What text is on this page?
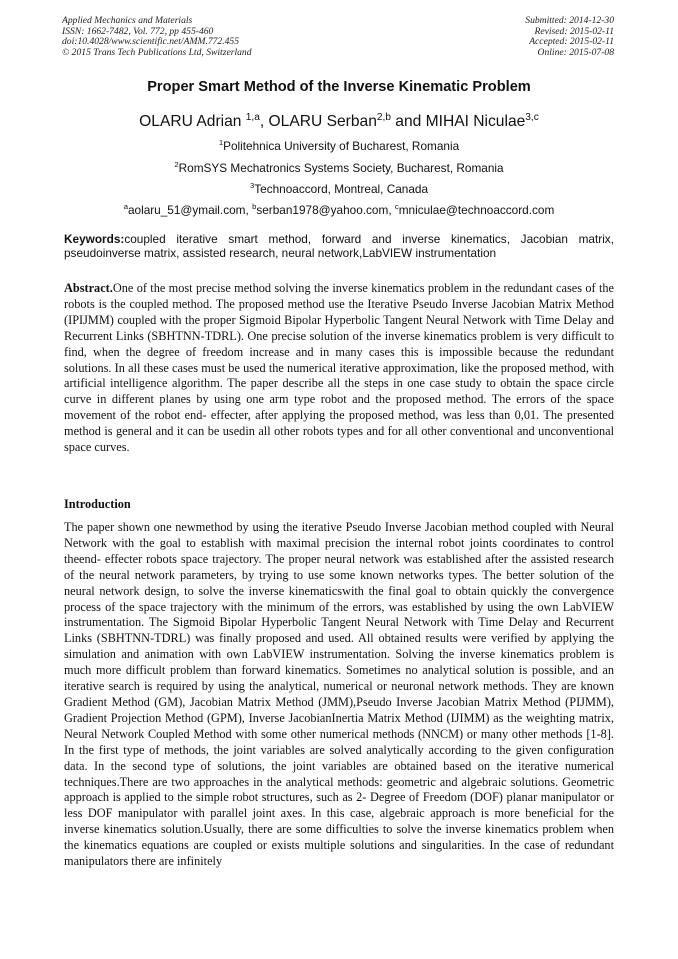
Applied Mechanics and Materials
ISSN: 1662-7482, Vol. 772, pp 455-460
doi:10.4028/www.scientific.net/AMM.772.455
© 2015 Trans Tech Publications Ltd, Switzerland
Submitted: 2014-12-30
Revised: 2015-02-11
Accepted: 2015-02-11
Online: 2015-07-08
Proper Smart Method of the Inverse Kinematic Problem
OLARU Adrian $^{1,a}$, OLARU Serban$^{2,b}$ and MIHAI Niculae$^{3,c}$
$^1$Politehnica University of Bucharest, Romania
$^2$RomSYS Mechatronics Systems Society, Bucharest, Romania
$^3$Technoaccord, Montreal, Canada
$^a$aolaru_51@ymail.com, $^b$serban1978@yahoo.com, $^c$mniculae@technoaccord.com
Keywords:coupled iterative smart method, forward and inverse kinematics, Jacobian matrix, pseudoinverse matrix, assisted research, neural network,LabVIEW instrumentation
Abstract.One of the most precise method solving the inverse kinematics problem in the redundant cases of the robots is the coupled method. The proposed method use the Iterative Pseudo Inverse Jacobian Matrix Method (IPIJMM) coupled with the proper Sigmoid Bipolar Hyperbolic Tangent Neural Network with Time Delay and Recurrent Links (SBHTNN-TDRL). One precise solution of the inverse kinematics problem is very difficult to find, when the degree of freedom increase and in many cases this is impossible because the redundant solutions. In all these cases must be used the numerical iterative approximation, like the proposed method, with artificial intelligence algorithm. The paper describe all the steps in one case study to obtain the space circle curve in different planes by using one arm type robot and the proposed method. The errors of the space movement of the robot end- effecter, after applying the proposed method, was less than 0,01. The presented method is general and it can be usedin all other robots types and for all other conventional and unconventional space curves.
Introduction
The paper shown one newmethod by using the iterative Pseudo Inverse Jacobian method coupled with Neural Network with the goal to establish with maximal precision the internal robot joints coordinates to control theend- effecter robots space trajectory. The proper neural network was established after the assisted research of the neural network parameters, by trying to use some known networks types. The better solution of the neural network design, to solve the inverse kinematicswith the final goal to obtain quickly the convergence process of the space trajectory with the minimum of the errors, was established by using the own LabVIEW instrumentation. The Sigmoid Bipolar Hyperbolic Tangent Neural Network with Time Delay and Recurrent Links (SBHTNN-TDRL) was finally proposed and used. All obtained results were verified by applying the simulation and animation with own LabVIEW instrumentation. Solving the inverse kinematics problem is much more difficult problem than forward kinematics. Sometimes no analytical solution is possible, and an iterative search is required by using the analytical, numerical or neuronal network methods. They are known Gradient Method (GM), Jacobian Matrix Method (JMM),Pseudo Inverse Jacobian Matrix Method (PIJMM), Gradient Projection Method (GPM), Inverse JacobianInertia Matrix Method (IJIMM) as the weighting matrix, Neural Network Coupled Method with some other numerical methods (NNCM) or many other methods [1-8]. In the first type of methods, the joint variables are solved analytically according to the given configuration data. In the second type of solutions, the joint variables are obtained based on the iterative numerical techniques.There are two approaches in the analytical methods: geometric and algebraic solutions. Geometric approach is applied to the simple robot structures, such as 2- Degree of Freedom (DOF) planar manipulator or less DOF manipulator with parallel joint axes. In this case, algebraic approach is more beneficial for the inverse kinematics solution.Usually, there are some difficulties to solve the inverse kinematics problem when the kinematics equations are coupled or exists multiple solutions and singularities. In the case of redundant manipulators there are infinitely
